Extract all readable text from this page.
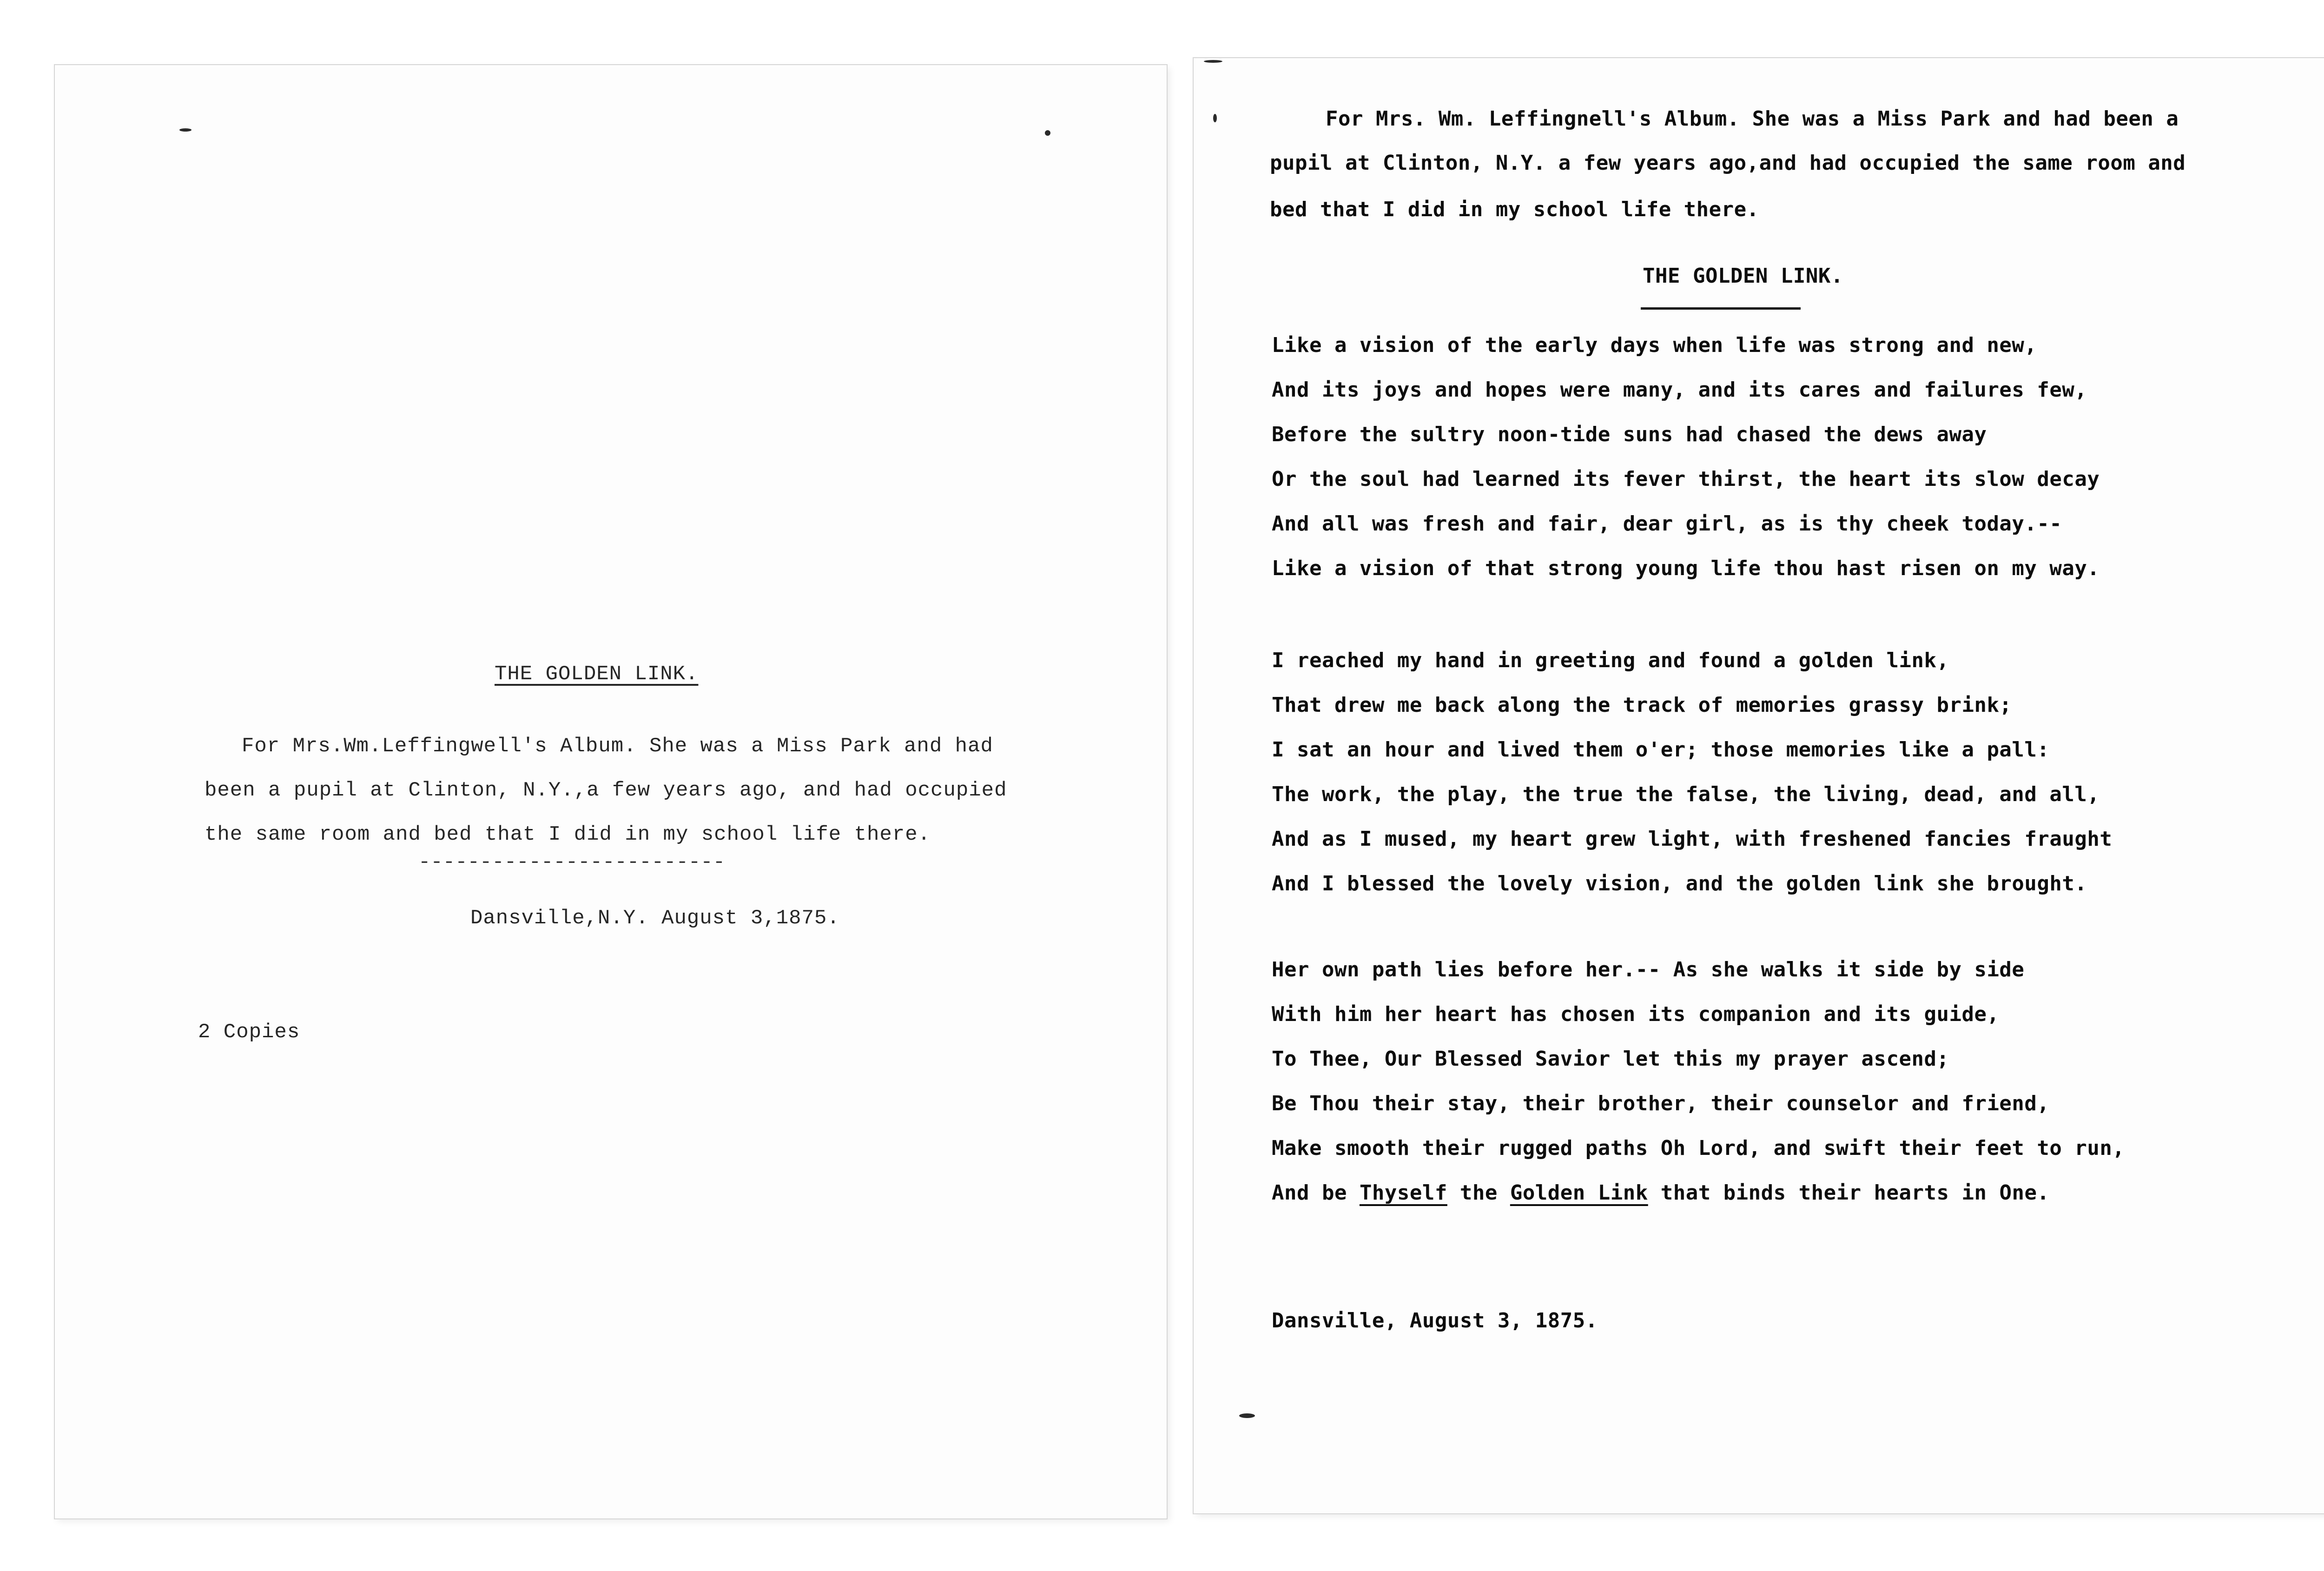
THE GOLDEN LINK.
For Mrs.Wm.Leffingwell's Album. She was a Miss Park and had
been a pupil at Clinton, N.Y.,a few years ago, and had occupied
the same room and bed that I did in my school life there.
-------------------------
Dansville,N.Y. August 3,1875.
2 Copies
For Mrs. Wm. Leffingnell's Album. She was a Miss Park and had been a
pupil at Clinton, N.Y. a few years ago,and had occupied the same room and
bed that I did in my school life there.
THE GOLDEN LINK.
Like a vision of the early days when life was strong and new,
And its joys and hopes were many, and its cares and failures few,
Before the sultry noon-tide suns had chased the dews away
Or the soul had learned its fever thirst, the heart its slow decay
And all was fresh and fair, dear girl, as is thy cheek today.--
Like a vision of that strong young life thou hast risen on my way.
I reached my hand in greeting and found a golden link,
That drew me back along the track of memories grassy brink;
I sat an hour and lived them o'er; those memories like a pall:
The work, the play, the true the false, the living, dead, and all,
And as I mused, my heart grew light, with freshened fancies fraught
And I blessed the lovely vision, and the golden link she brought.
Her own path lies before her.-- As she walks it side by side
With him her heart has chosen its companion and its guide,
To Thee, Our Blessed Savior let this my prayer ascend;
Be Thou their stay, their brother, their counselor and friend,
Make smooth their rugged paths Oh Lord, and swift their feet to run,
And be Thyself the Golden Link that binds their hearts in One.
Dansville, August 3, 1875.
